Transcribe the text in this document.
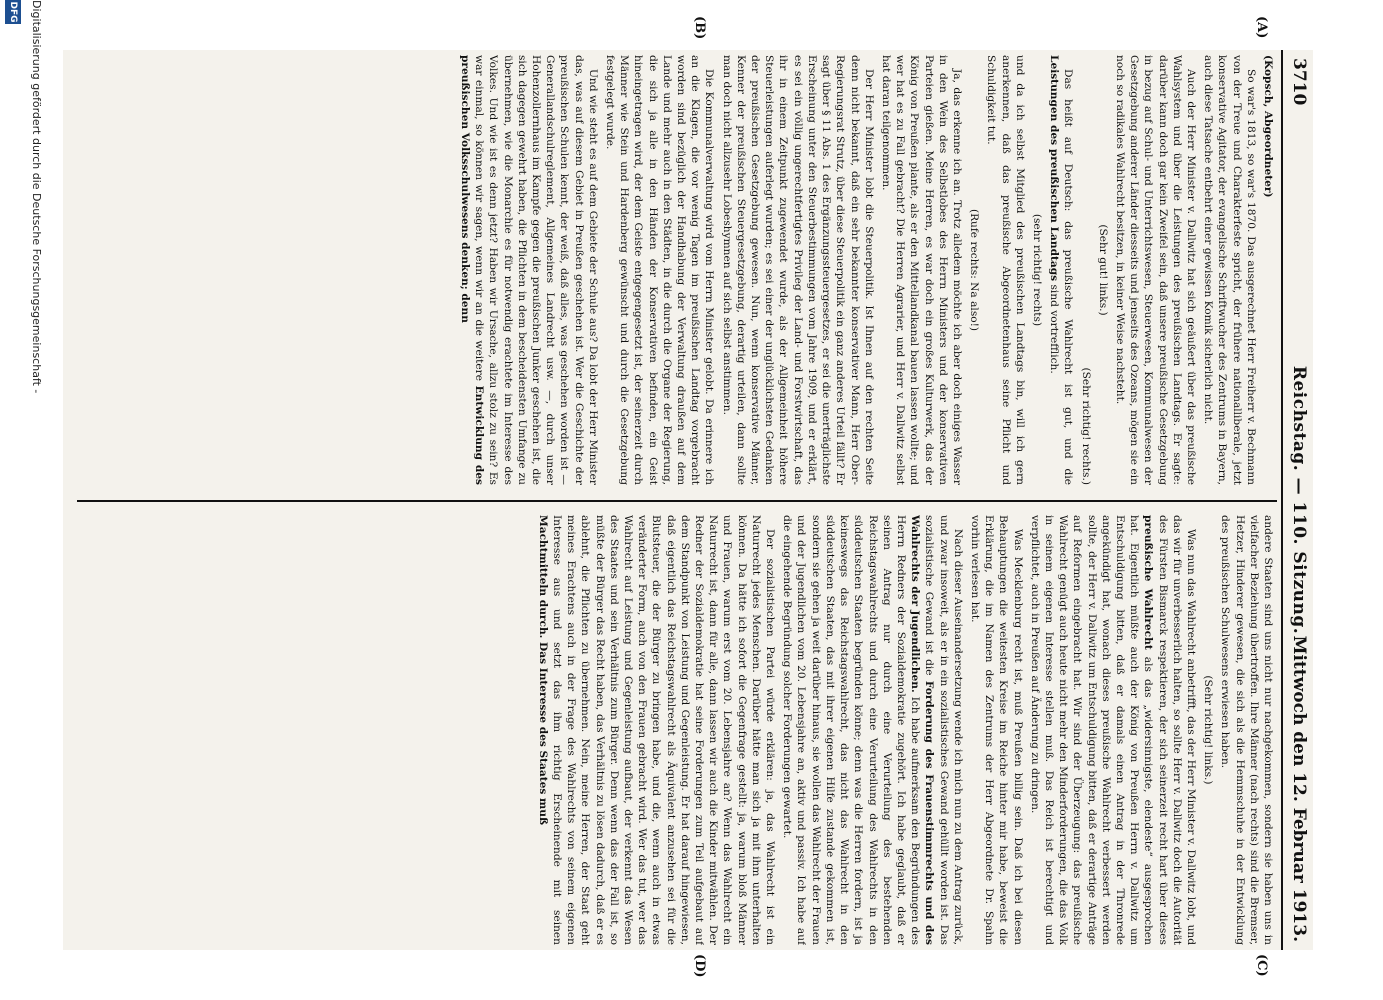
3710
Reichstag. — 110. Sitzung.
Mittwoch den 12. Februar 1913.
(A)
(B)
(C)
(D)

(Kopsch, Abgeordneter)

So war's 1813, so war's 1870. Das ausgerechnet Herr Freiherr v. Bechmann von der Treue und Charakterfeste spricht, der frühere nationalliberale, jetzt konservative Agitator, der evangelische Schriftwucher des Zentrums in Bayern, auch diese Tatsache entbehrt einer gewissen Komik sicherlich nicht.

Auch der Herr Minister v. Dallwitz hat sich geäußert über das preußische Wahlsystem und über die Leistungen des preußischen Landtags. Er sagte: darüber kann doch gar kein Zweifel sein, daß unsere preußische Gesetzgebung in bezug auf Schul- und Unterrichtswesen, Steuerwesen, Kommunalwesen der Gesetzgebung anderer Länder diesseits und jenseits des Ozeans, mögen sie ein noch so radikales Wahlrecht besitzen, in keiner Weise nachsteht.

(Sehr gut! links.)

(Sehr richtig! rechts.)

Das heißt auf Deutsch: das preußische Wahlrecht ist gut, und die Leistungen des preußischen Landtags sind vortrefflich.

(sehr richtig! rechts)

und da ich selbst Mitglied des preußischen Landtags bin, will ich gern anerkennen, daß das preußische Abgeordnetenhaus seine Pflicht und Schuldigkeit tut.

(Rufe rechts: Na also!)

Ja, das erkenne ich an. Trotz alledem möchte ich aber doch einiges Wasser in den Wein des Selbstlobes des Herrn Ministers und der konservativen Parteien gießen. Meine Herren, es war doch ein großes Kulturwerk, das der König von Preußen plante, als er den Mittellandkanal bauen lassen wollte; und wer hat es zu Fall gebracht? Die Herren Agrarier, und Herr v. Dallwitz selbst hat daran teilgenommen.

Der Herr Minister lobt die Steuerpolitik. Ist Ihnen auf den rechten Seite denn nicht bekannt, daß ein sehr bekannter konservativer Mann, Herr Ober-Regierungsrat Strutz, über diese Steuerpolitik ein ganz anderes Urteil fällt? Er sagt über § 11 Abs. 1 des Ergänzungssteuergesetzes, er sei die unerträglichste Erscheinung unter den Steuerbestimmungen vom Jahre 1909, und er erklärt, es sei ein völlig ungerechtfertigtes Privileg der Land- und Forstwirtschaft, das ihr in einem Zeitpunkt zugewendet wurde, als der Allgemeinheit höhere Steuerleistungen auferlegt wurden; es sei einer der unglücklichsten Gedanken der preußischen Gesetzgebung gewesen. Nun, wenn konservative Männer, Kenner der preußischen Steuergesetzgebung, derartig urteilen, dann sollte man doch nicht allzusehr Lobeshymnen auf sich selbst anstimmen.

Die Kommunalverwaltung wird vom Herrn Minister gelobt. Da erinnere ich an die Klagen, die vor wenig Tagen im preußischen Landtag vorgebracht worden sind bezüglich der Handhabung der Verwaltung draußen auf dem Lande und mehr auch in den Städten, in die durch die Organe der Regierung, die sich ja alle in den Händen der Konservativen befinden, ein Geist hineingetragen wird, der dem Geiste entgegengesetzt ist, der seinerzeit durch Männer wie Stein und Hardenberg gewünscht und durch die Gesetzgebung festgelegt wurde.

Und wie steht es auf dem Gebiete der Schule aus? Da lobt der Herr Minister das, was auf diesem Gebiet in Preußen geschehen ist. Wer die Geschichte der preußischen Schulen kennt, der weiß, daß alles, was geschehen worden ist — Generallandschulreglement, Allgemeines Landrecht usw. —, durch unser Hohenzollernhaus im Kampfe gegen die preußischen Junker geschehen ist, die sich dagegen gewehrt haben, die Pflichten in dem bescheidensten Umfange zu übernehmen, wie die Monarchie es für notwendig erachtete im Interesse des Volkes. Und wie ist es denn jetzt? Haben wir Ursache, allzu stolz zu sein? Es war einmal, so können wir sagen, wenn wir an die weitere Entwicklung des preußischen Volksschulwesens denken; denn

andere Staaten sind uns nicht nur nachgekommen, sondern sie haben uns in vielfacher Beziehung übertroffen. Ihre Männer (nach rechts) sind die Bremser, Hetzer, Hinderer gewesen, die sich als die Hemmschuhe in der Entwicklung des preußischen Schulwesens erwiesen haben.

(Sehr richtig! links.)

Was nun das Wahlrecht anbetrifft, das der Herr Minister v. Dallwitz lobt, und das wir für unverbesserlich halten, so sollte Herr v. Dallwitz doch die Autorität des Fürsten Bismarck respektieren, der sich seinerzeit recht hart über dieses preußische Wahlrecht als das „widersinnigste, elendeste“ ausgesprochen hat. Eigentlich müßte auch der König von Preußen Herrn v. Dallwitz um Entschuldigung bitten, daß er damals einen Antrag in der Thronrede angekündigt hat, wonach dieses preußische Wahlrecht verbessert werden sollte, der Herr v. Dallwitz um Entschuldigung bitten, daß er derartige Anträge auf Reformen eingebracht hat. Wir sind der Überzeugung: das preußische Wahlrecht genügt auch heute nicht mehr den Minderforderungen, die das Volk in seinem eigenen Interesse stellen muß. Das Reich ist berechtigt und verpflichtet, auch in Preußen auf Änderung zu dringen.

Was Mecklenburg recht ist, muß Preußen billig sein. Daß ich bei diesen Behauptungen die weitesten Kreise im Reiche hinter mir habe, beweist die Erklärung, die im Namen des Zentrums der Herr Abgeordnete Dr. Spahn vorhin verlesen hat.

Nach dieser Auseinandersetzung wende ich mich nun zu dem Antrag zurück, und zwar insoweit, als er in ein sozialistisches Gewand gehüllt worden ist. Das sozialistische Gewand ist die Forderung des Frauenstimmrechts und des Wahlrechts der Jugendlichen. Ich habe aufmerksam den Begründungen des Herrn Redners der Sozialdemokratie zugehört. Ich habe geglaubt, daß er seinen Antrag nur durch eine Verurteilung des bestehenden Reichstagswahlrechts und durch eine Verurteilung des Wahlrechts in den süddeutschen Staaten begründen könne; denn was die Herren fordern, ist ja keineswegs das Reichstagswahlrecht, das nicht das Wahlrecht in den süddeutschen Staaten, das mit ihrer eigenen Hilfe zustande gekommen ist, sondern sie gehen ja weit darüber hinaus, sie wollen das Wahlrecht der Frauen und der Jugendlichen vom 20. Lebensjahre an, aktiv und passiv. Ich habe auf die eingehende Begründung solcher Forderungen gewartet.

Der sozialistischen Partei würde erklären: ja, das Wahlrecht ist ein Naturrecht jedes Menschen. Darüber hätte man sich ja mit ihm unterhalten können. Da hätte ich sofort die Gegenfrage gestellt: ja, warum bloß Männer und Frauen, warum erst vom 20. Lebensjahre an? Wenn das Wahlrecht ein Naturrecht ist, dann für alle, dann lassen wir auch die Kinder mitwählen. Der Redner der Sozialdemokratie hat seine Forderungen zum Teil aufgebaut auf dem Standpunkt von Leistung und Gegenleistung. Er hat darauf hingewiesen, daß eigentlich das Reichstagswahlrecht als Äquivalent anzusehen sei für die Blutsteuer, die der Bürger zu bringen habe, und die, wenn auch in etwas veränderter Form, auch von den Frauen gebracht wird. Wer das tut, wer das Wahlrecht auf Leistung und Gegenleistung aufbaut, der verkennt das Wesen des Staates und sein Verhältnis zum Bürger. Denn wenn das der Fall ist, so müßte der Bürger das Recht haben, das Verhältnis zu lösen dadurch, daß er es ablehnt, die Pflichten zu übernehmen. Nein, meine Herren, der Staat geht meines Erachtens auch in der Frage des Wahlrechts von seinem eigenen Interesse aus und setzt das ihm richtig Erscheinende mit seinen Machtmitteln durch. Das Interesse des Staates muß

Digitalisierung gefördert durch die Deutsche Forschungsgemeinschaft -
DFG
